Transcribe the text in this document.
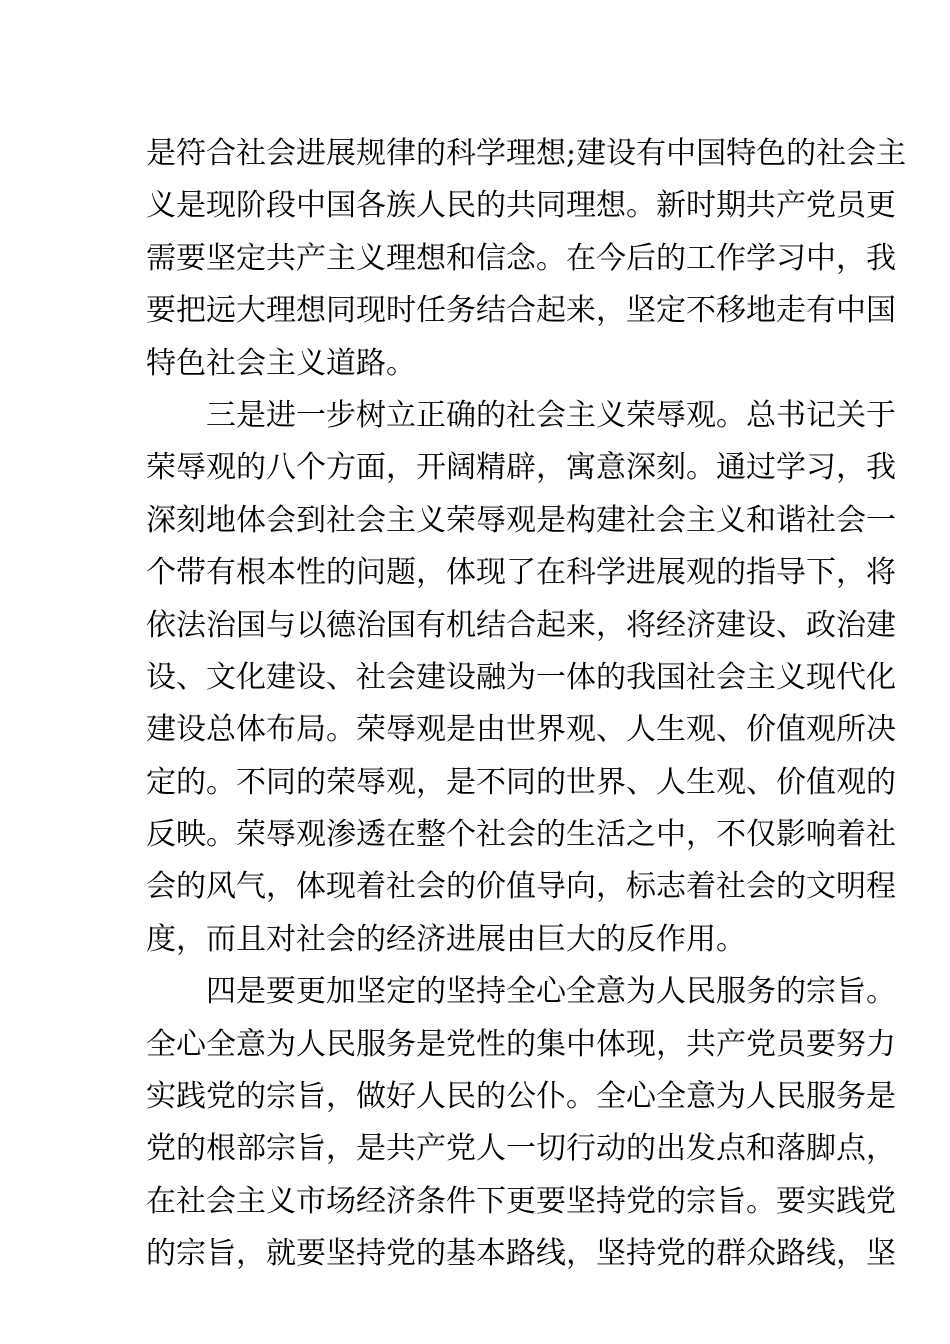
是符合社会进展规律的科学理想;建设有中国特色的社会主
义是现阶段中国各族人民的共同理想。新时期共产党员更
需要坚定共产主义理想和信念。在今后的工作学习中，我
要把远大理想同现时任务结合起来，坚定不移地走有中国
特色社会主义道路。
三是进一步树立正确的社会主义荣辱观。总书记关于
荣辱观的八个方面，开阔精辟，寓意深刻。通过学习，我
深刻地体会到社会主义荣辱观是构建社会主义和谐社会一
个带有根本性的问题，体现了在科学进展观的指导下，将
依法治国与以德治国有机结合起来，将经济建设、政治建
设、文化建设、社会建设融为一体的我国社会主义现代化
建设总体布局。荣辱观是由世界观、人生观、价值观所决
定的。不同的荣辱观，是不同的世界、人生观、价值观的
反映。荣辱观渗透在整个社会的生活之中，不仅影响着社
会的风气，体现着社会的价值导向，标志着社会的文明程
度，而且对社会的经济进展由巨大的反作用。
四是要更加坚定的坚持全心全意为人民服务的宗旨。
全心全意为人民服务是党性的集中体现，共产党员要努力
实践党的宗旨，做好人民的公仆。全心全意为人民服务是
党的根部宗旨，是共产党人一切行动的出发点和落脚点，
在社会主义市场经济条件下更要坚持党的宗旨。要实践党
的宗旨，就要坚持党的基本路线，坚持党的群众路线，坚
